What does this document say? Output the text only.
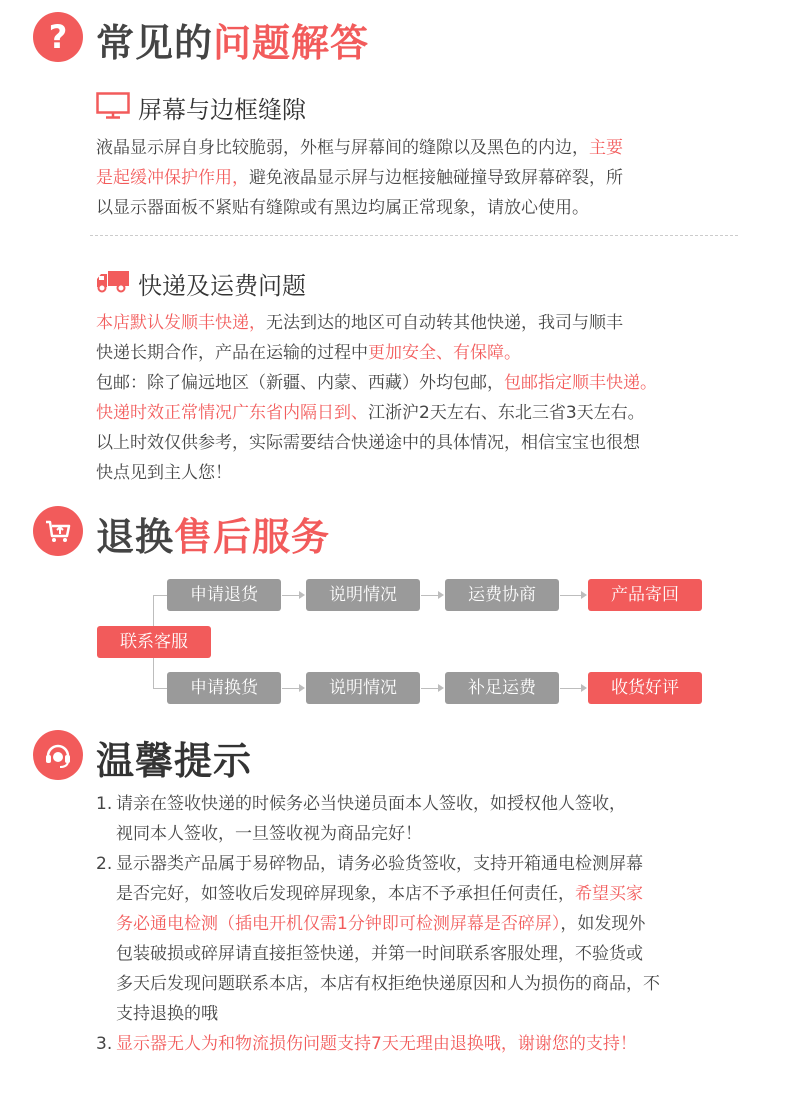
? 常见的问题解答
屏幕与边框缝隙
液晶显示屏自身比较脆弱，外框与屏幕间的缝隙以及黑色的内边，主要
是起缓冲保护作用，避免液晶显示屏与边框接触碰撞导致屏幕碎裂，所
以显示器面板不紧贴有缝隙或有黑边均属正常现象，请放心使用。
快递及运费问题
本店默认发顺丰快递，无法到达的地区可自动转其他快递，我司与顺丰
快递长期合作，产品在运输的过程中更加安全、有保障。
包邮：除了偏远地区（新疆、内蒙、西藏）外均包邮，包邮指定顺丰快递。
快递时效正常情况广东省内隔日到、江浙沪2天左右、东北三省3天左右。
以上时效仅供参考，实际需要结合快递途中的具体情况，相信宝宝也很想
快点见到主人您！
退换售后服务
联系客服
申请退货	说明情况	运费协商	产品寄回
申请换货	说明情况	补足运费	收货好评
温馨提示
1. 请亲在签收快递的时候务必当快递员面本人签收，如授权他人签收，
视同本人签收，一旦签收视为商品完好！
2. 显示器类产品属于易碎物品，请务必验货签收，支持开箱通电检测屏幕
是否完好，如签收后发现碎屏现象，本店不予承担任何责任，希望买家
务必通电检测（插电开机仅需1分钟即可检测屏幕是否碎屏），如发现外
包装破损或碎屏请直接拒签快递，并第一时间联系客服处理，不验货或
多天后发现问题联系本店，本店有权拒绝快递原因和人为损伤的商品，不
支持退换的哦
3. 显示器无人为和物流损伤问题支持7天无理由退换哦，谢谢您的支持！
